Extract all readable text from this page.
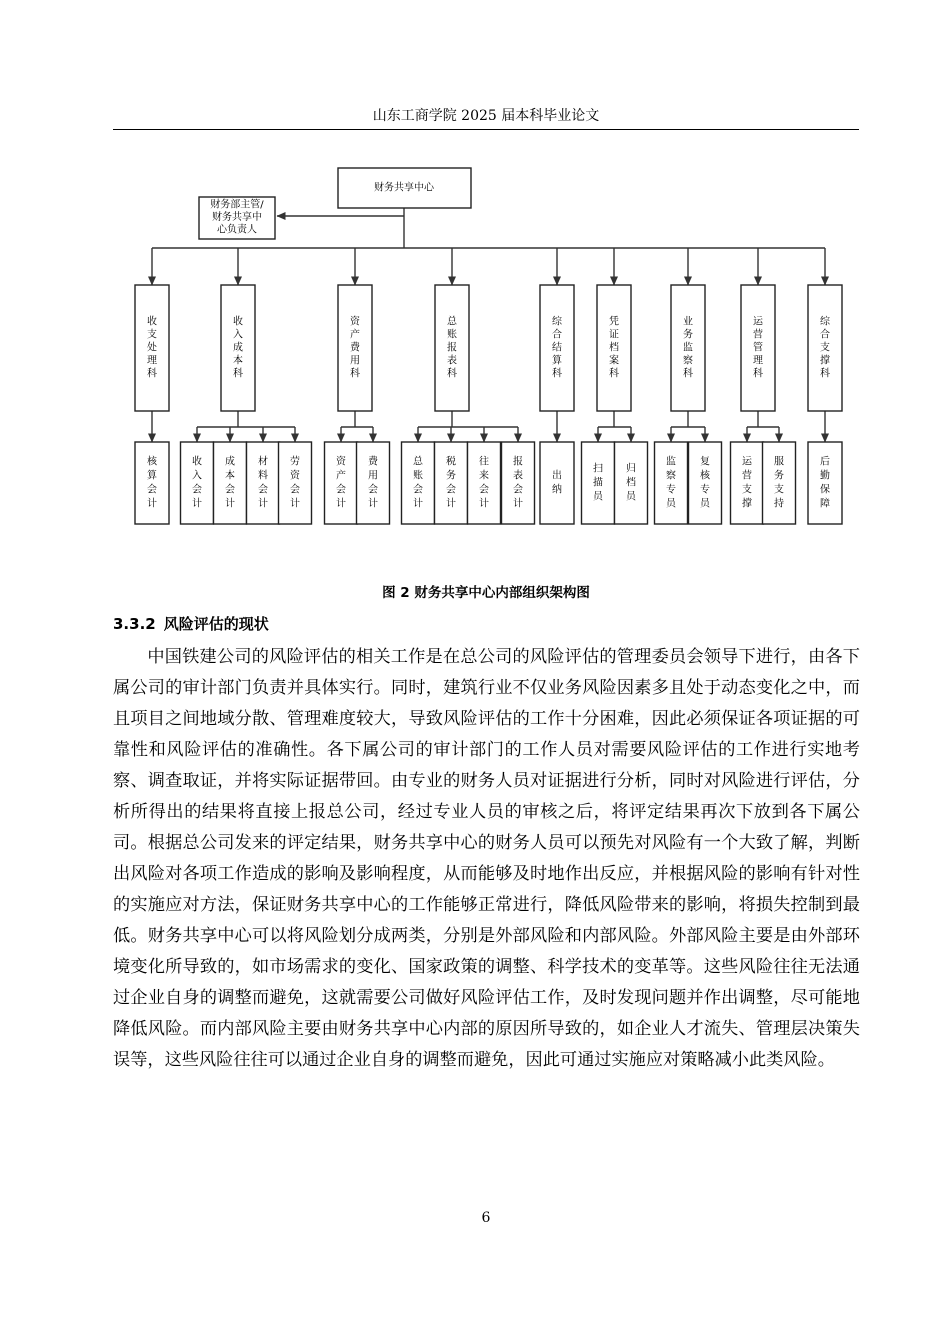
山东工商学院 2025 届本科毕业论文
财务共享中心
财务部主管/
财务共享中
心负责人
收支处理科
核算会计
收入成本科
收入会计
成本会计
材料会计
劳资会计
资产费用科
资产会计
费用会计
总账报表科
总账会计
税务会计
往来会计
报表会计
综合结算科
出纳
凭证档案科
扫描员
归档员
业务监察科
监察专员
复核专员
运营管理科
运营支撑
服务支持
综合支撑科
后勤保障
图 2 财务共享中心内部组织架构图
3.3.2 风险评估的现状

中国铁建公司的风险评估的相关工作是在总公司的风险评估的管理委员会领导下进行，由各下属公司的审计部门负责并具体实行。同时，建筑行业不仅业务风险因素多且处于动态变化之中，而且项目之间地域分散、管理难度较大，导致风险评估的工作十分困难，因此必须保证各项证据的可靠性和风险评估的准确性。各下属公司的审计部门的工作人员对需要风险评估的工作进行实地考察、调查取证，并将实际证据带回。由专业的财务人员对证据进行分析，同时对风险进行评估，分析所得出的结果将直接上报总公司，经过专业人员的审核之后，将评定结果再次下放到各下属公司。根据总公司发来的评定结果，财务共享中心的财务人员可以预先对风险有一个大致了解，判断出风险对各项工作造成的影响及影响程度，从而能够及时地作出反应，并根据风险的影响有针对性的实施应对方法，保证财务共享中心的工作能够正常进行，降低风险带来的影响，将损失控制到最低。财务共享中心可以将风险划分成两类，分别是外部风险和内部风险。外部风险主要是由外部环境变化所导致的，如市场需求的变化、国家政策的调整、科学技术的变革等。这些风险往往无法通过企业自身的调整而避免，这就需要公司做好风险评估工作，及时发现问题并作出调整，尽可能地降低风险。而内部风险主要由财务共享中心内部的原因所导致的，如企业人才流失、管理层决策失误等，这些风险往往可以通过企业自身的调整而避免，因此可通过实施应对策略减小此类风险。

6
